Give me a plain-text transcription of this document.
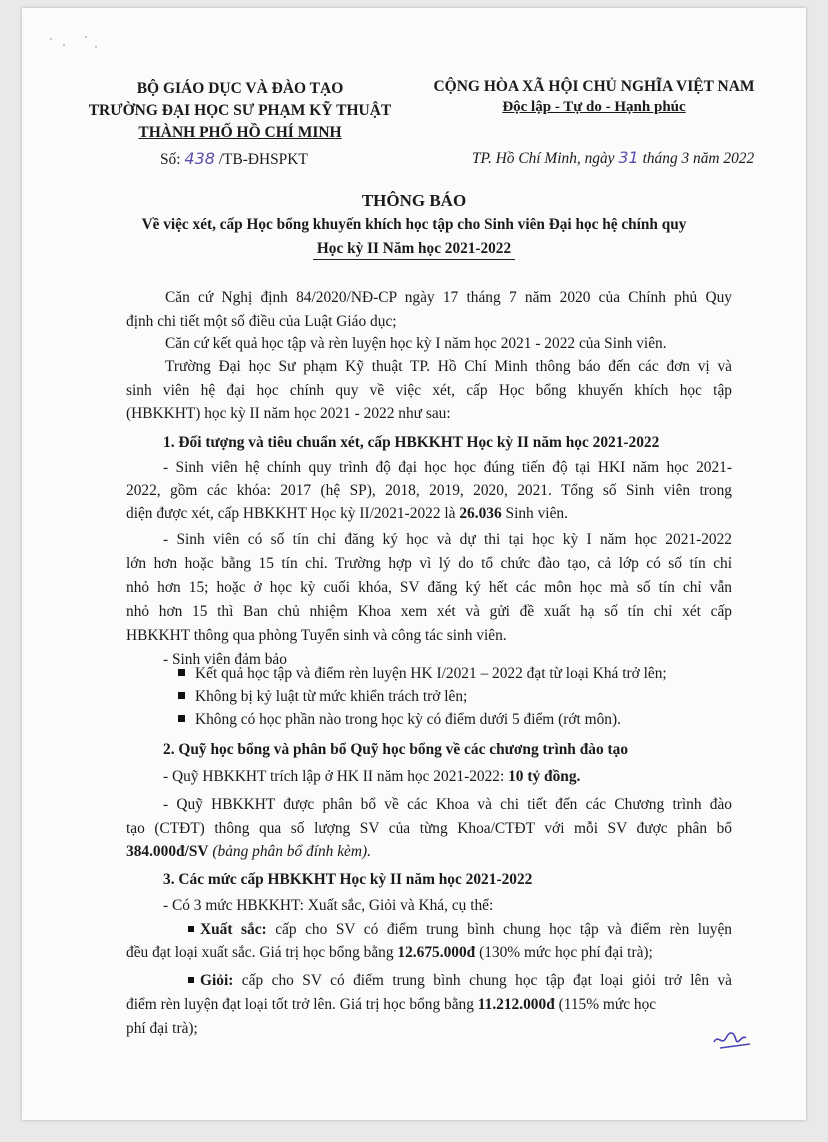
BỘ GIÁO DỤC VÀ ĐÀO TẠO
TRƯỜNG ĐẠI HỌC SƯ PHẠM KỸ THUẬT
THÀNH PHỐ HỒ CHÍ MINH
CỘNG HÒA XÃ HỘI CHỦ NGHĨA VIỆT NAM
Độc lập - Tự do - Hạnh phúc
Số: 438 /TB-ĐHSPKT	TP. Hồ Chí Minh, ngày 31 tháng 3 năm 2022
THÔNG BÁO
Về việc xét, cấp Học bổng khuyến khích học tập cho Sinh viên Đại học hệ chính quy
Học kỳ II Năm học 2021-2022
Căn cứ Nghị định 84/2020/NĐ-CP ngày 17 tháng 7 năm 2020 của Chính phủ Quy
định chi tiết một số điều của Luật Giáo dục;
Căn cứ kết quả học tập và rèn luyện học kỳ I năm học 2021 - 2022 của Sinh viên.
Trường Đại học Sư phạm Kỹ thuật TP. Hồ Chí Minh thông báo đến các đơn vị và
sinh viên hệ đại học chính quy về việc xét, cấp Học bổng khuyến khích học tập
(HBKKHT) học kỳ II năm học 2021 - 2022 như sau:
1. Đối tượng và tiêu chuẩn xét, cấp HBKKHT Học kỳ II năm học 2021-2022
- Sinh viên hệ chính quy trình độ đại học học đúng tiến độ tại HKI năm học 2021-
2022, gồm các khóa: 2017 (hệ SP), 2018, 2019, 2020, 2021. Tổng số Sinh viên trong
diện được xét, cấp HBKKHT Học kỳ II/2021-2022 là 26.036 Sinh viên.
- Sinh viên có số tín chỉ đăng ký học và dự thi tại học kỳ I năm học 2021-2022
lớn hơn hoặc bằng 15 tín chỉ. Trường hợp vì lý do tổ chức đào tạo, cả lớp có số tín chỉ
nhỏ hơn 15; hoặc ở học kỳ cuối khóa, SV đăng ký hết các môn học mà số tín chỉ vẫn
nhỏ hơn 15 thì Ban chủ nhiệm Khoa xem xét và gửi đề xuất hạ số tín chỉ xét cấp
HBKKHT thông qua phòng Tuyển sinh và công tác sinh viên.
- Sinh viên đảm bảo
Kết quả học tập và điểm rèn luyện HK I/2021 – 2022 đạt từ loại Khá trở lên;
Không bị kỷ luật từ mức khiển trách trở lên;
Không có học phần nào trong học kỳ có điểm dưới 5 điểm (rớt môn).
2. Quỹ học bổng và phân bổ Quỹ học bổng về các chương trình đào tạo
- Quỹ HBKKHT trích lập ở HK II năm học 2021-2022: 10 tỷ đồng.
- Quỹ HBKKHT được phân bổ về các Khoa và chi tiết đến các Chương trình đào
tạo (CTĐT) thông qua số lượng SV của từng Khoa/CTĐT với mỗi SV được phân bổ
384.000đ/SV (bảng phân bổ đính kèm).
3. Các mức cấp HBKKHT Học kỳ II năm học 2021-2022
- Có 3 mức HBKKHT: Xuất sắc, Giỏi và Khá, cụ thể:
Xuất sắc: cấp cho SV có điểm trung bình chung học tập và điểm rèn luyện
đều đạt loại xuất sắc. Giá trị học bổng bằng 12.675.000đ (130% mức học phí đại trà);
Giỏi: cấp cho SV có điểm trung bình chung học tập đạt loại giỏi trở lên và
điểm rèn luyện đạt loại tốt trở lên. Giá trị học bổng bằng 11.212.000đ (115% mức học
phí đại trà);
